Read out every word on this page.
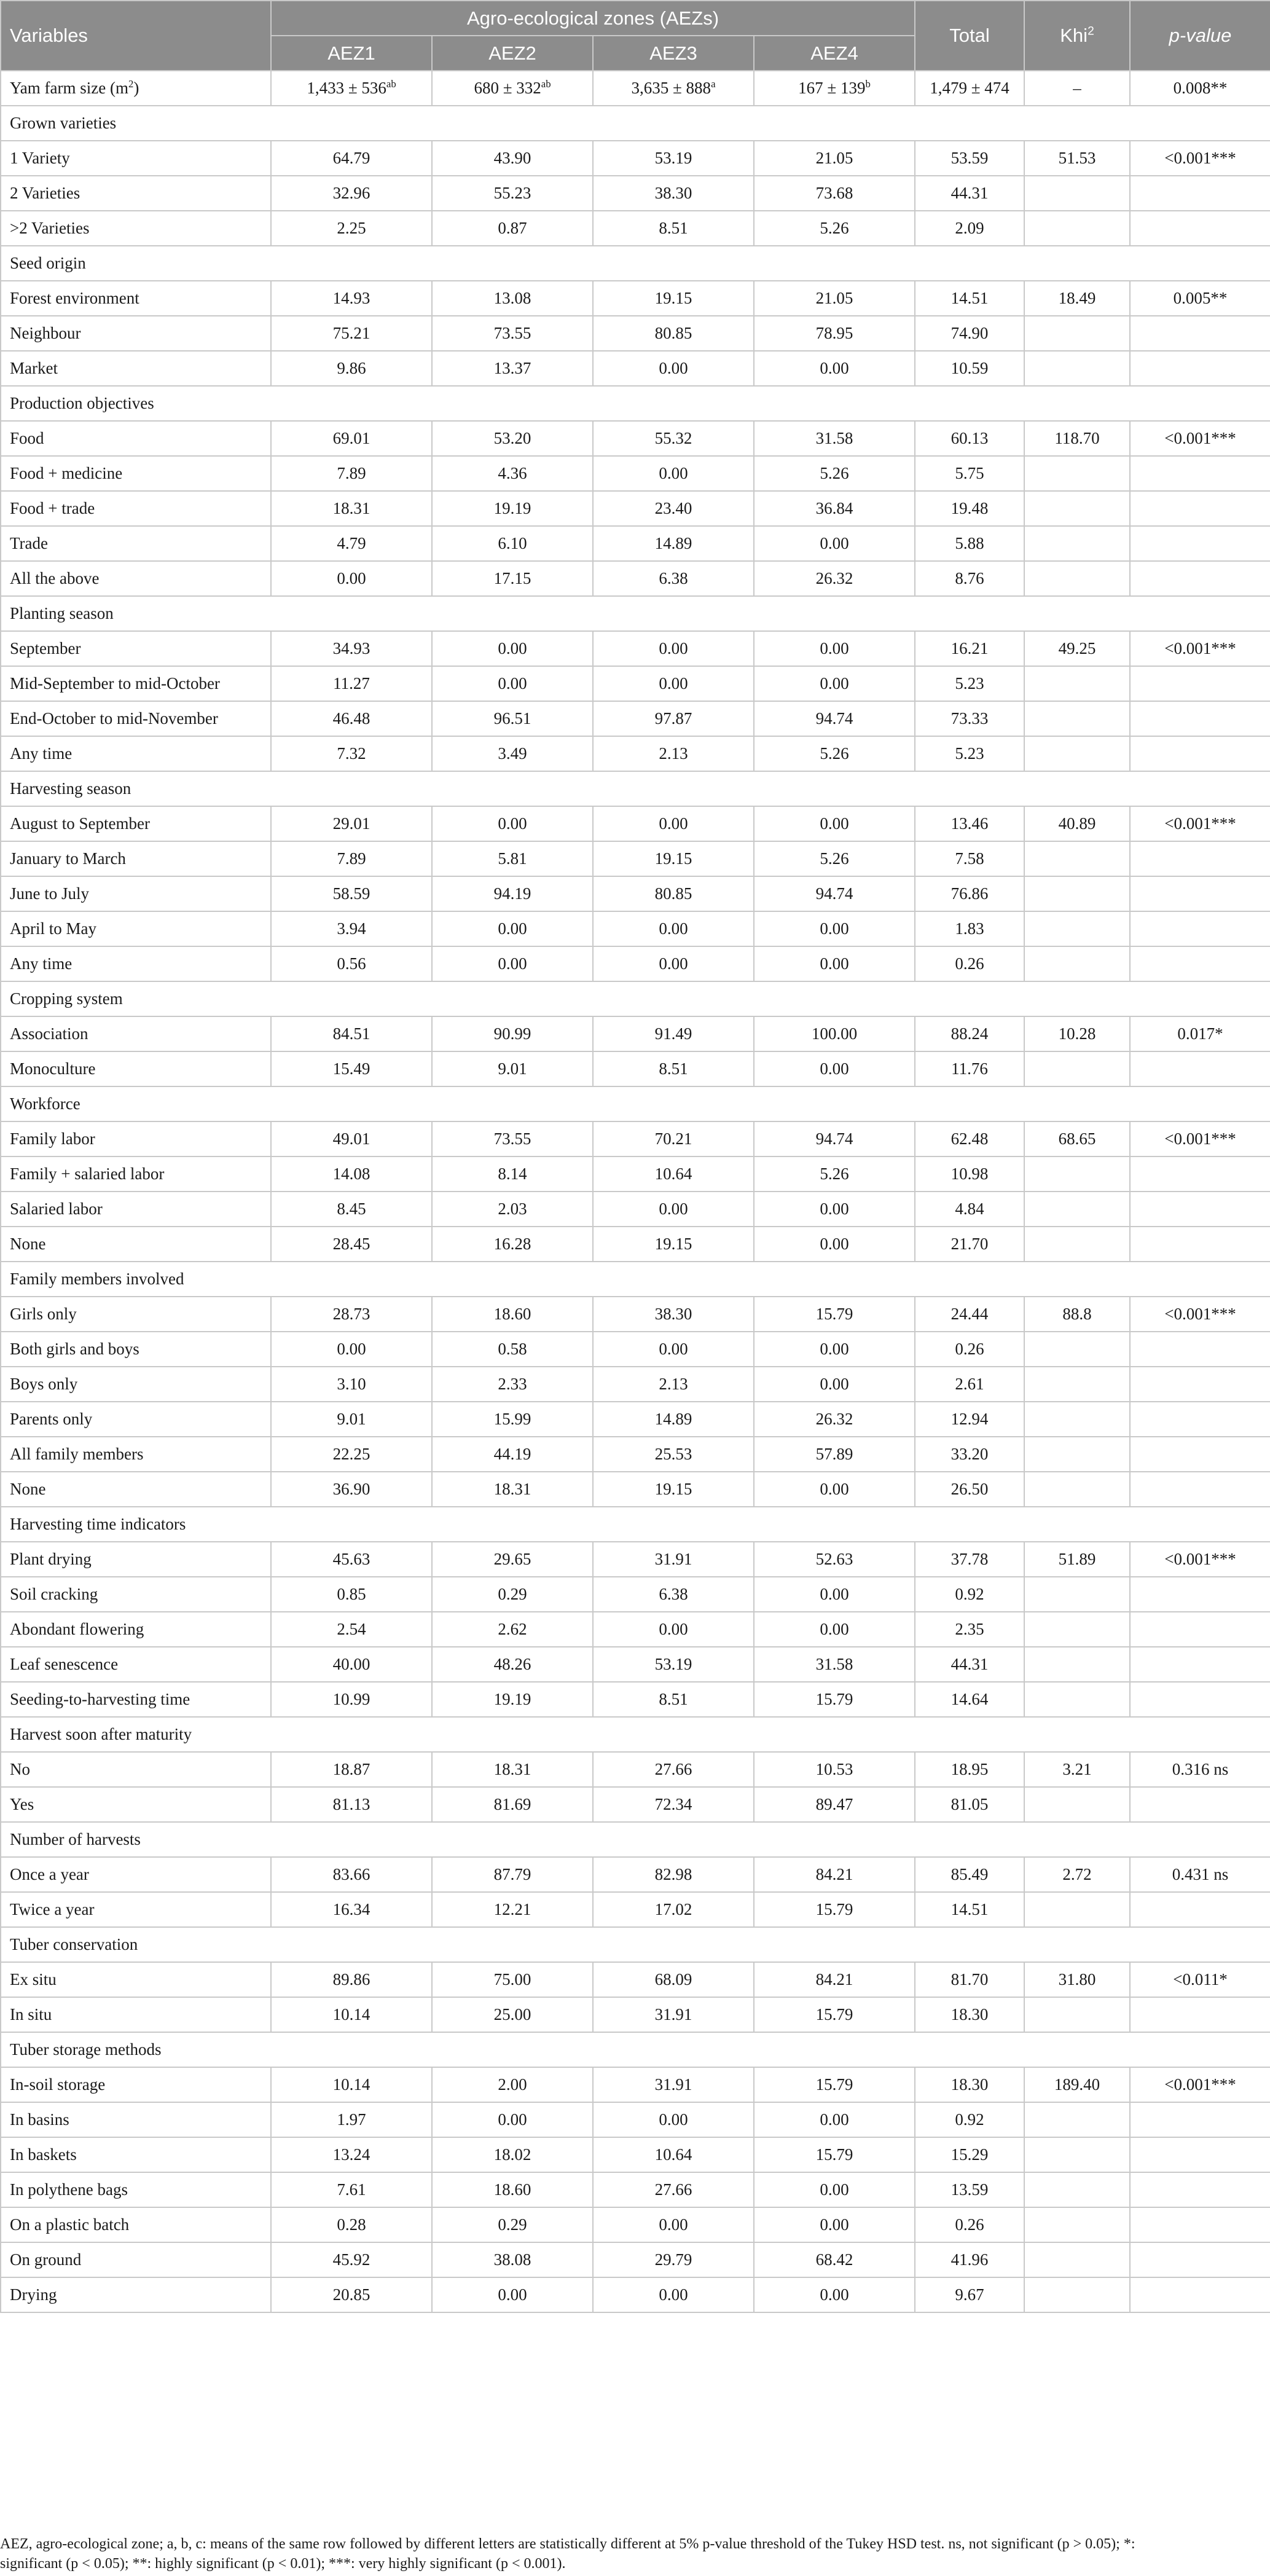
Variables	Agro-ecological zones (AEZs)				Total	Khi$^2$	p-value
	AEZ1	AEZ2	AEZ3	AEZ4			
Yam farm size $(m^2)$	$1,433 \pm 536^{ab}$	$680 \pm 332^{ab}$	$3,635 \pm 888^a$	$167 \pm 139^b$	1,479 ± 474	–	0.008**
Grown varieties							
1 Variety	64.79	43.90	53.19	21.05	53.59	51.53	<0.001***
2 Varieties	32.96	55.23	38.30	73.68	44.31		
>2 Varieties	2.25	0.87	8.51	5.26	2.09		
Seed origin							
Forest environment	14.93	13.08	19.15	21.05	14.51	18.49	0.005**
Neighbour	75.21	73.55	80.85	78.95	74.90		
Market	9.86	13.37	0.00	0.00	10.59		
Production objectives							
Food	69.01	53.20	55.32	31.58	60.13	118.70	<0.001***
Food + medicine	7.89	4.36	0.00	5.26	5.75		
Food + trade	18.31	19.19	23.40	36.84	19.48		
Trade	4.79	6.10	14.89	0.00	5.88		
All the above	0.00	17.15	6.38	26.32	8.76		
Planting season							
September	34.93	0.00	0.00	0.00	16.21	49.25	<0.001***
Mid-September to mid-October	11.27	0.00	0.00	0.00	5.23		
End-October to mid-November	46.48	96.51	97.87	94.74	73.33		
Any time	7.32	3.49	2.13	5.26	5.23		
Harvesting season							
August to September	29.01	0.00	0.00	0.00	13.46	40.89	<0.001***
January to March	7.89	5.81	19.15	5.26	7.58		
June to July	58.59	94.19	80.85	94.74	76.86		
April to May	3.94	0.00	0.00	0.00	1.83		
Any time	0.56	0.00	0.00	0.00	0.26		
Cropping system							
Association	84.51	90.99	91.49	100.00	88.24	10.28	0.017*
Monoculture	15.49	9.01	8.51	0.00	11.76		
Workforce							
Family labor	49.01	73.55	70.21	94.74	62.48	68.65	<0.001***
Family + salaried labor	14.08	8.14	10.64	5.26	10.98		
Salaried labor	8.45	2.03	0.00	0.00	4.84		
None	28.45	16.28	19.15	0.00	21.70		
Family members involved							
Girls only	28.73	18.60	38.30	15.79	24.44	88.8	<0.001***
Both girls and boys	0.00	0.58	0.00	0.00	0.26		
Boys only	3.10	2.33	2.13	0.00	2.61		
Parents only	9.01	15.99	14.89	26.32	12.94		
All family members	22.25	44.19	25.53	57.89	33.20		
None	36.90	18.31	19.15	0.00	26.50		
Harvesting time indicators							
Plant drying	45.63	29.65	31.91	52.63	37.78	51.89	<0.001***
Soil cracking	0.85	0.29	6.38	0.00	0.92		
Abondant flowering	2.54	2.62	0.00	0.00	2.35		
Leaf senescence	40.00	48.26	53.19	31.58	44.31		
Seeding-to-harvesting time	10.99	19.19	8.51	15.79	14.64		
Harvest soon after maturity							
No	18.87	18.31	27.66	10.53	18.95	3.21	0.316 ns
Yes	81.13	81.69	72.34	89.47	81.05		
Number of harvests							
Once a year	83.66	87.79	82.98	84.21	85.49	2.72	0.431 ns
Twice a year	16.34	12.21	17.02	15.79	14.51		
Tuber conservation							
Ex situ	89.86	75.00	68.09	84.21	81.70	31.80	<0.011*
In situ	10.14	25.00	31.91	15.79	18.30		
Tuber storage methods							
In-soil storage	10.14	2.00	31.91	15.79	18.30	189.40	<0.001***
In basins	1.97	0.00	0.00	0.00	0.92		
In baskets	13.24	18.02	10.64	15.79	15.29		
In polythene bags	7.61	18.60	27.66	0.00	13.59		
On a plastic batch	0.28	0.29	0.00	0.00	0.26		
On ground	45.92	38.08	29.79	68.42	41.96		
Drying	20.85	0.00	0.00	0.00	9.67		

AEZ, agro-ecological zone; a, b, c: means of the same row followed by different letters are statistically different at 5% p-value threshold of the Tukey HSD test. ns, not significant (p > 0.05); *:

significant (p < 0.05); **: highly significant (p < 0.01); ***: very highly significant (p < 0.001).
